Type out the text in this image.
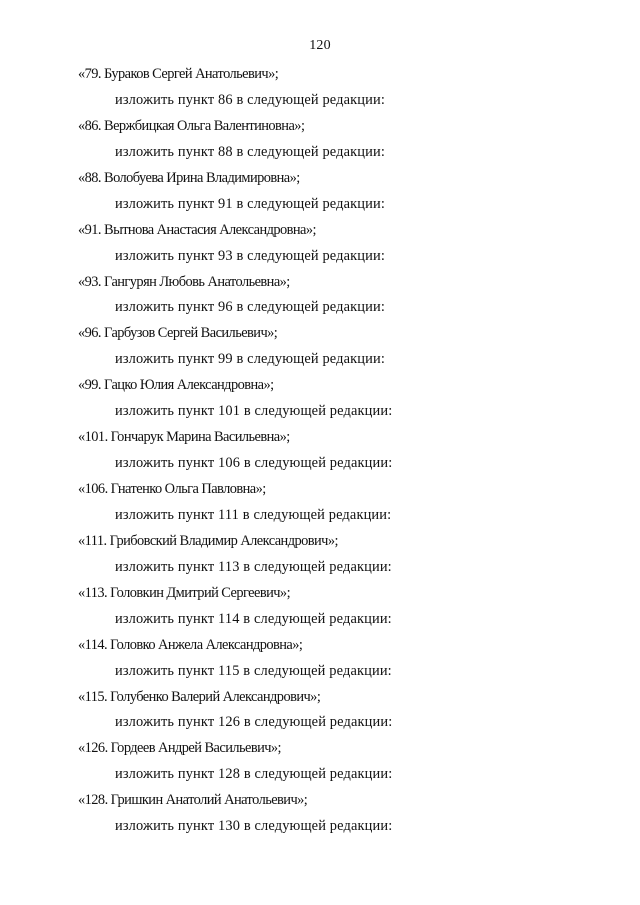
120
«79. Бураков Сергей Анатольевич»;
изложить пункт 86 в следующей редакции:
«86. Вержбицкая Ольга Валентиновна»;
изложить пункт 88 в следующей редакции:
«88. Волобуева Ирина Владимировна»;
изложить пункт 91 в следующей редакции:
«91. Вытнова Анастасия Александровна»;
изложить пункт 93 в следующей редакции:
«93. Гангурян Любовь Анатольевна»;
изложить пункт 96 в следующей редакции:
«96. Гарбузов Сергей Васильевич»;
изложить пункт 99 в следующей редакции:
«99. Гацко Юлия Александровна»;
изложить пункт 101 в следующей редакции:
«101. Гончарук Марина Васильевна»;
изложить пункт 106 в следующей редакции:
«106. Гнатенко Ольга Павловна»;
изложить пункт 111 в следующей редакции:
«111. Грибовский Владимир Александрович»;
изложить пункт 113 в следующей редакции:
«113. Головкин Дмитрий Сергеевич»;
изложить пункт 114 в следующей редакции:
«114. Головко Анжела Александровна»;
изложить пункт 115 в следующей редакции:
«115. Голубенко Валерий Александрович»;
изложить пункт 126 в следующей редакции:
«126. Гордеев Андрей Васильевич»;
изложить пункт 128 в следующей редакции:
«128. Гришкин Анатолий Анатольевич»;
изложить пункт 130 в следующей редакции:
